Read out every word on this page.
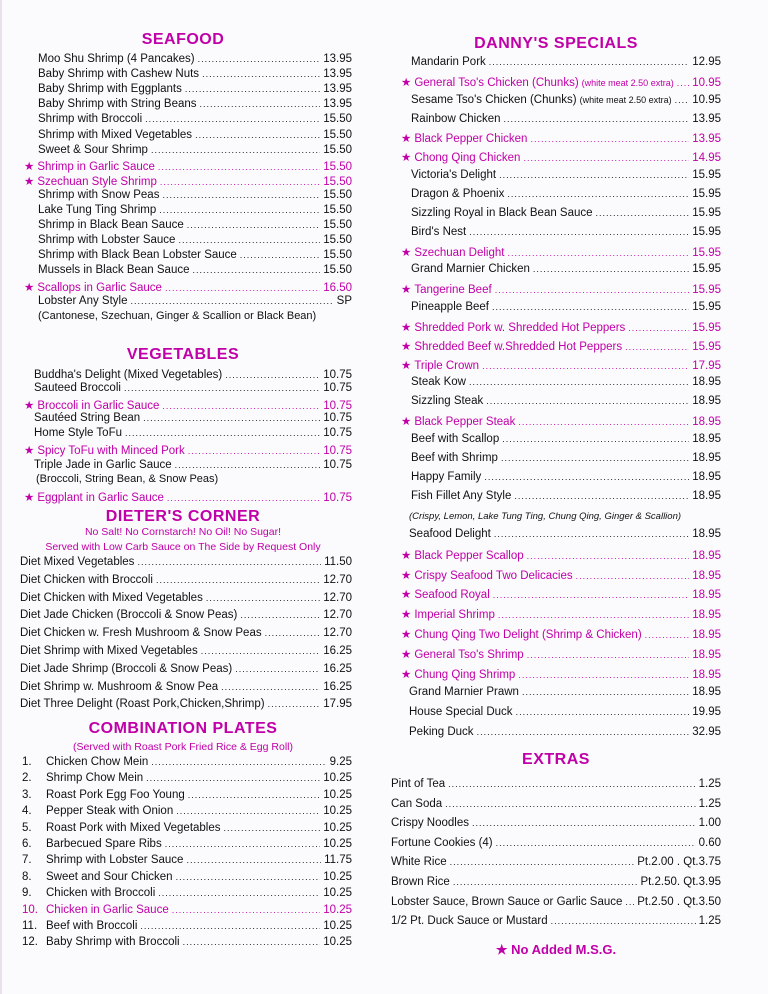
SEAFOOD
Moo Shu Shrimp (4 Pancakes) .....	13.95
Baby Shrimp with Cashew Nuts .....	13.95
Baby Shrimp with Eggplants .....	13.95
Baby Shrimp with String Beans .....	13.95
Shrimp with Broccoli .....	15.50
Shrimp with Mixed Vegetables .....	15.50
Sweet & Sour Shrimp .....	15.50
★ Shrimp in Garlic Sauce .....	15.50
★ Szechuan Style Shrimp .....	15.50
Shrimp with Snow Peas .....	15.50
Lake Tung Ting Shrimp .....	15.50
Shrimp in Black Bean Sauce .....	15.50
Shrimp with Lobster Sauce .....	15.50
Shrimp with Black Bean Lobster Sauce .....	15.50
Mussels in Black Bean Sauce .....	15.50
★ Scallops in Garlic Sauce .....	16.50
Lobster Any Style .....	SP
(Cantonese, Szechuan, Ginger & Scallion or Black Bean)
VEGETABLES
Buddha's Delight (Mixed Vegetables) .....	10.75
Sauteed Broccoli .....	10.75
★ Broccoli in Garlic Sauce .....	10.75
Sautéed String Bean .....	10.75
Home Style ToFu .....	10.75
★ Spicy ToFu with Minced Pork .....	10.75
Triple Jade in Garlic Sauce .....	10.75
★ Eggplant in Garlic Sauce .....	10.75
(Broccoli, String Bean, & Snow Peas)
DIETER'S CORNER
No Salt! No Cornstarch! No Oil! No Sugar!
Served with Low Carb Sauce on The Side by Request Only
Diet Mixed Vegetables .....	11.50
Diet Chicken with Broccoli .....	12.70
Diet Chicken with Mixed Vegetables .....	12.70
Diet Jade Chicken (Broccoli & Snow Peas) .....	12.70
Diet Chicken w. Fresh Mushroom & Snow Peas .....	12.70
Diet Shrimp with Mixed Vegetables .....	16.25
Diet Jade Shrimp (Broccoli & Snow Peas) .....	16.25
Diet Shrimp w. Mushroom & Snow Pea .....	16.25
Diet Three Delight (Roast Pork,Chicken,Shrimp) .....	17.95
COMBINATION PLATES
(Served with Roast Pork Fried Rice & Egg Roll)
1.	Chicken Chow Mein .....	9.25
2.	Shrimp Chow Mein .....	10.25
3.	Roast Pork Egg Foo Young .....	10.25
4.	Pepper Steak with Onion .....	10.25
5.	Roast Pork with Mixed Vegetables .....	10.25
6.	Barbecued Spare Ribs .....	10.25
7.	Shrimp with Lobster Sauce .....	11.75
8.	Sweet and Sour Chicken .....	10.25
9.	Chicken with Broccoli .....	10.25
10. Chicken in Garlic Sauce .....	10.25
11. Beef with Broccoli .....	10.25
12. Baby Shrimp with Broccoli .....	10.25
DANNY'S SPECIALS
Mandarin Pork .....	12.95
★ General Tso's Chicken (Chunks) (white meat 2.50 extra) ..... 10.95
Sesame Tso's Chicken (Chunks) (white meat 2.50 extra) ..... 10.95
Rainbow Chicken .....	13.95
★ Black Pepper Chicken .....	13.95
★ Chong Qing Chicken .....	14.95
Victoria's Delight .....	15.95
Dragon & Phoenix .....	15.95
Sizzling Royal in Black Bean Sauce .....	15.95
Bird's Nest .....	15.95
★ Szechuan Delight .....	15.95
Grand Marnier Chicken .....	15.95
★ Tangerine Beef .....	15.95
Pineapple Beef .....	15.95
★ Shredded Pork w. Shredded Hot Peppers .....	15.95
★ Shredded Beef w.Shredded Hot Peppers .....	15.95
★ Triple Crown .....	17.95
Steak Kow .....	18.95
Sizzling Steak .....	18.95
★ Black Pepper Steak .....	18.95
Beef with Scallop .....	18.95
Beef with Shrimp .....	18.95
Happy Family .....	18.95
Fish Fillet Any Style .....	18.95
(Crispy, Lemon, Lake Tung Ting, Chung Qing, Ginger & Scallion)
Seafood Delight .....	18.95
★ Black Pepper Scallop .....	18.95
★ Crispy Seafood Two Delicacies .....	18.95
★ Seafood Royal .....	18.95
★ Imperial Shrimp .....	18.95
★ Chung Qing Two Delight (Shrimp & Chicken) .....	18.95
★ General Tso's Shrimp .....	18.95
★ Chung Qing Shrimp .....	18.95
Grand Marnier Prawn .....	18.95
House Special Duck .....	19.95
Peking Duck .....	32.95
EXTRAS
Pint of Tea .....	1.25
Can Soda .....	1.25
Crispy Noodles .....	1.00
Fortune Cookies (4) .....	0.60
White Rice .....	Pt.2.00 . Qt.3.75
Brown Rice .....	Pt.2.50. Qt.3.95
Lobster Sauce, Brown Sauce or Garlic Sauce ..... Pt.2.50 . Qt.3.50
1/2 Pt. Duck Sauce or Mustard .....	1.25
★ No Added M.S.G.
